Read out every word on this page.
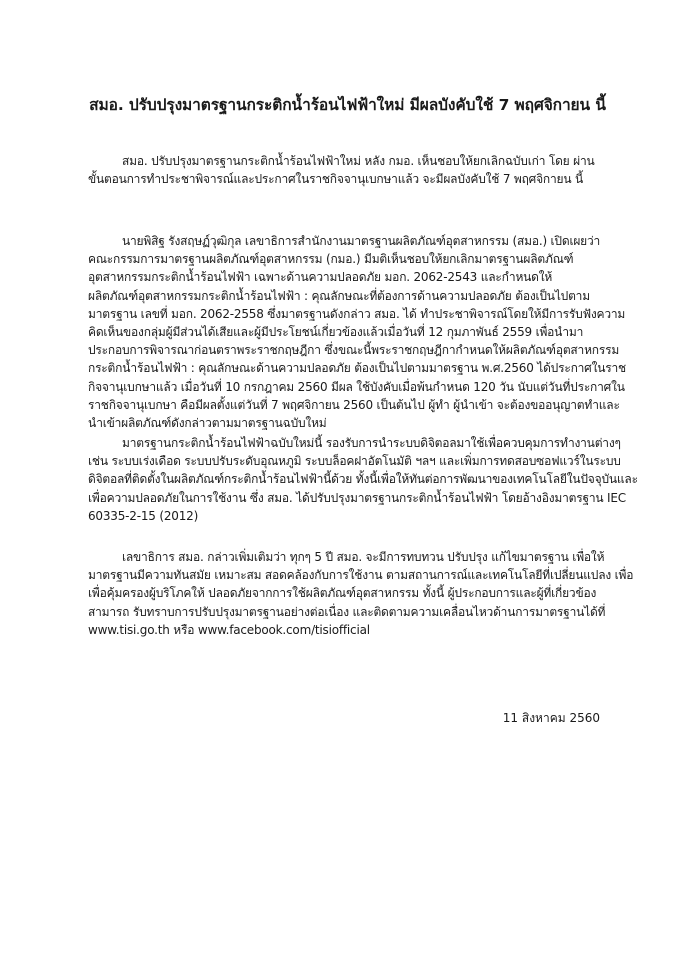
สมอ. ปรับปรุงมาตรฐานกระติกน้ำร้อนไฟฟ้าใหม่ มีผลบังคับใช้ 7 พฤศจิกายน นี้
สมอ. ปรับปรุงมาตรฐานกระติกน้ำร้อนไฟฟ้าใหม่ หลัง กมอ. เห็นชอบให้ยกเลิกฉบับเก่า โดย ผ่าน
ขั้นตอนการทำประชาพิจารณ์และประกาศในราชกิจจานุเบกษาแล้ว จะมีผลบังคับใช้ 7 พฤศจิกายน นี้
นายพิสิฐ รังสฤษฏ์วุฒิกุล เลขาธิการสำนักงานมาตรฐานผลิตภัณฑ์อุตสาหกรรม (สมอ.) เปิดเผยว่า
คณะกรรมการมาตรฐานผลิตภัณฑ์อุตสาหกรรม (กมอ.) มีมติเห็นชอบให้ยกเลิกมาตรฐานผลิตภัณฑ์
อุตสาหกรรมกระติกน้ำร้อนไฟฟ้า เฉพาะด้านความปลอดภัย มอก. 2062-2543 และกำหนดให้
ผลิตภัณฑ์อุตสาหกรรมกระติกน้ำร้อนไฟฟ้า : คุณลักษณะที่ต้องการด้านความปลอดภัย ต้องเป็นไปตาม
มาตรฐาน เลขที่ มอก. 2062-2558 ซึ่งมาตรฐานดังกล่าว สมอ. ได้ ทำประชาพิจารณ์โดยให้มีการรับฟังความ
คิดเห็นของกลุ่มผู้มีส่วนได้เสียและผู้มีประโยชน์เกี่ยวข้องแล้วเมื่อวันที่ 12 กุมภาพันธ์ 2559 เพื่อนำมา
ประกอบการพิจารณาก่อนตราพระราชกฤษฎีกา ซึ่งขณะนี้พระราชกฤษฎีกากำหนดให้ผลิตภัณฑ์อุตสาหกรรม
กระติกน้ำร้อนไฟฟ้า : คุณลักษณะด้านความปลอดภัย ต้องเป็นไปตามมาตรฐาน พ.ศ.2560 ได้ประกาศในราช
กิจจานุเบกษาแล้ว เมื่อวันที่ 10 กรกฎาคม 2560 มีผล ใช้บังคับเมื่อพ้นกำหนด 120 วัน นับแต่วันที่ประกาศใน
ราชกิจจานุเบกษา คือมีผลตั้งแต่วันที่ 7 พฤศจิกายน 2560 เป็นต้นไป ผู้ทำ ผู้นำเข้า จะต้องขออนุญาตทำและ
นำเข้าผลิตภัณฑ์ดังกล่าวตามมาตรฐานฉบับใหม่
มาตรฐานกระติกน้ำร้อนไฟฟ้าฉบับใหม่นี้ รองรับการนำระบบดิจิตอลมาใช้เพื่อควบคุมการทำงานต่างๆ
เช่น ระบบเร่งเดือด ระบบปรับระดับอุณหภูมิ ระบบล็อคฝาอัตโนมัติ ฯลฯ และเพิ่มการทดสอบซอฟแวร์ในระบบ
ดิจิตอลที่ติดตั้งในผลิตภัณฑ์กระติกน้ำร้อนไฟฟ้านี้ด้วย ทั้งนี้เพื่อให้ทันต่อการพัฒนาของเทคโนโลยีในปัจจุบันและ
เพื่อความปลอดภัยในการใช้งาน ซึ่ง สมอ. ได้ปรับปรุงมาตรฐานกระติกน้ำร้อนไฟฟ้า โดยอ้างอิงมาตรฐาน IEC
60335-2-15 (2012)
เลขาธิการ สมอ. กล่าวเพิ่มเติมว่า ทุกๆ 5 ปี สมอ. จะมีการทบทวน ปรับปรุง แก้ไขมาตรฐาน เพื่อให้
มาตรฐานมีความทันสมัย เหมาะสม สอดคล้องกับการใช้งาน ตามสถานการณ์และเทคโนโลยีที่เปลี่ยนแปลง เพื่อ
เพื่อคุ้มครองผู้บริโภคให้ ปลอดภัยจากการใช้ผลิตภัณฑ์อุตสาหกรรม ทั้งนี้ ผู้ประกอบการและผู้ที่เกี่ยวข้อง
สามารถ รับทราบการปรับปรุงมาตรฐานอย่างต่อเนื่อง และติดตามความเคลื่อนไหวด้านการมาตรฐานได้ที่
www.tisi.go.th หรือ www.facebook.com/tisiofficial
11 สิงหาคม 2560
